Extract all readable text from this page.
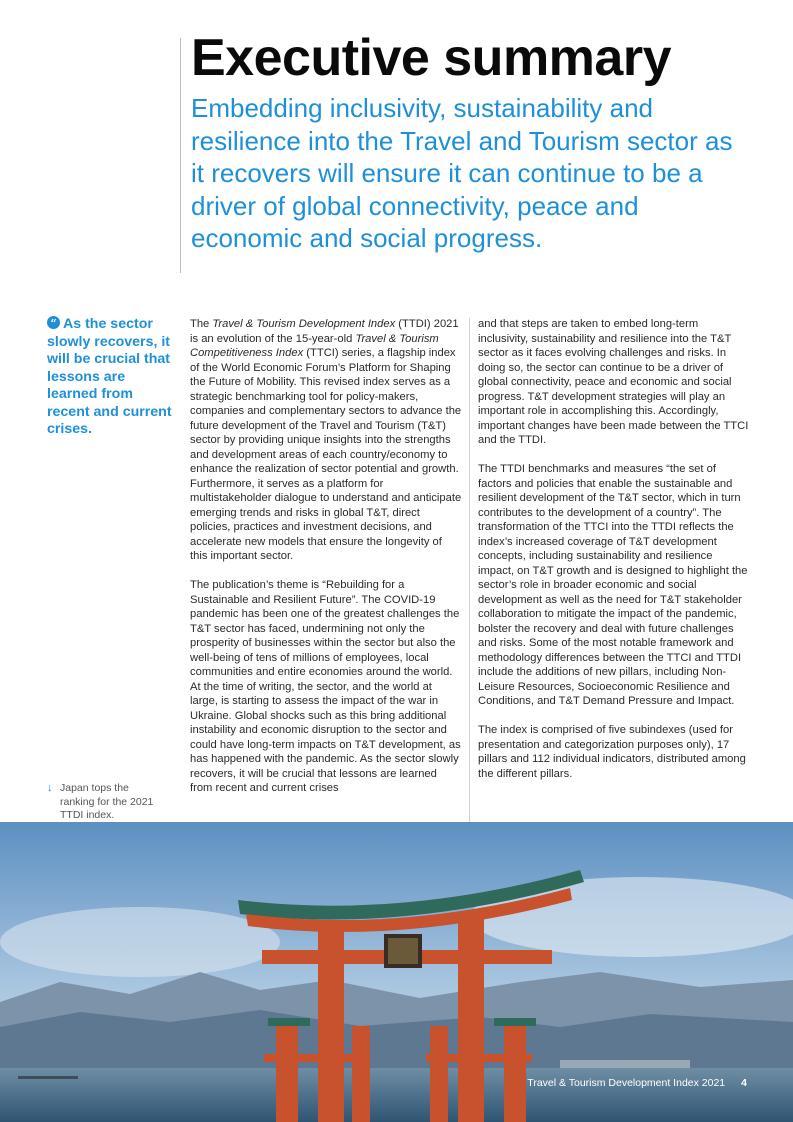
Executive summary
Embedding inclusivity, sustainability and resilience into the Travel and Tourism sector as it recovers will ensure it can continue to be a driver of global connectivity, peace and economic and social progress.

“ As the sector slowly recovers, it will be crucial that lessons are learned from recent and current crises.

↓ Japan tops the ranking for the 2021 TTDI index.

The Travel & Tourism Development Index (TTDI) 2021 is an evolution of the 15-year-old Travel & Tourism Competitiveness Index (TTCI) series, a flagship index of the World Economic Forum’s Platform for Shaping the Future of Mobility. This revised index serves as a strategic benchmarking tool for policy-makers, companies and complementary sectors to advance the future development of the Travel and Tourism (T&T) sector by providing unique insights into the strengths and development areas of each country/economy to enhance the realization of sector potential and growth. Furthermore, it serves as a platform for multistakeholder dialogue to understand and anticipate emerging trends and risks in global T&T, direct policies, practices and investment decisions, and accelerate new models that ensure the longevity of this important sector.

The publication’s theme is “Rebuilding for a Sustainable and Resilient Future”. The COVID-19 pandemic has been one of the greatest challenges the T&T sector has faced, undermining not only the prosperity of businesses within the sector but also the well-being of tens of millions of employees, local communities and entire economies around the world. At the time of writing, the sector, and the world at large, is starting to assess the impact of the war in Ukraine. Global shocks such as this bring additional instability and economic disruption to the sector and could have long-term impacts on T&T development, as has happened with the pandemic. As the sector slowly recovers, it will be crucial that lessons are learned from recent and current crises

and that steps are taken to embed long-term inclusivity, sustainability and resilience into the T&T sector as it faces evolving challenges and risks. In doing so, the sector can continue to be a driver of global connectivity, peace and economic and social progress. T&T development strategies will play an important role in accomplishing this. Accordingly, important changes have been made between the TTCI and the TTDI.

The TTDI benchmarks and measures “the set of factors and policies that enable the sustainable and resilient development of the T&T sector, which in turn contributes to the development of a country”. The transformation of the TTCI into the TTDI reflects the index’s increased coverage of T&T development concepts, including sustainability and resilience impact, on T&T growth and is designed to highlight the sector’s role in broader economic and social development as well as the need for T&T stakeholder collaboration to mitigate the impact of the pandemic, bolster the recovery and deal with future challenges and risks. Some of the most notable framework and methodology differences between the TTCI and TTDI include the additions of new pillars, including Non-Leisure Resources, Socioeconomic Resilience and Conditions, and T&T Demand Pressure and Impact.

The index is comprised of five subindexes (used for presentation and categorization purposes only), 17 pillars and 112 individual indicators, distributed among the different pillars.

Travel & Tourism Development Index 2021 4
